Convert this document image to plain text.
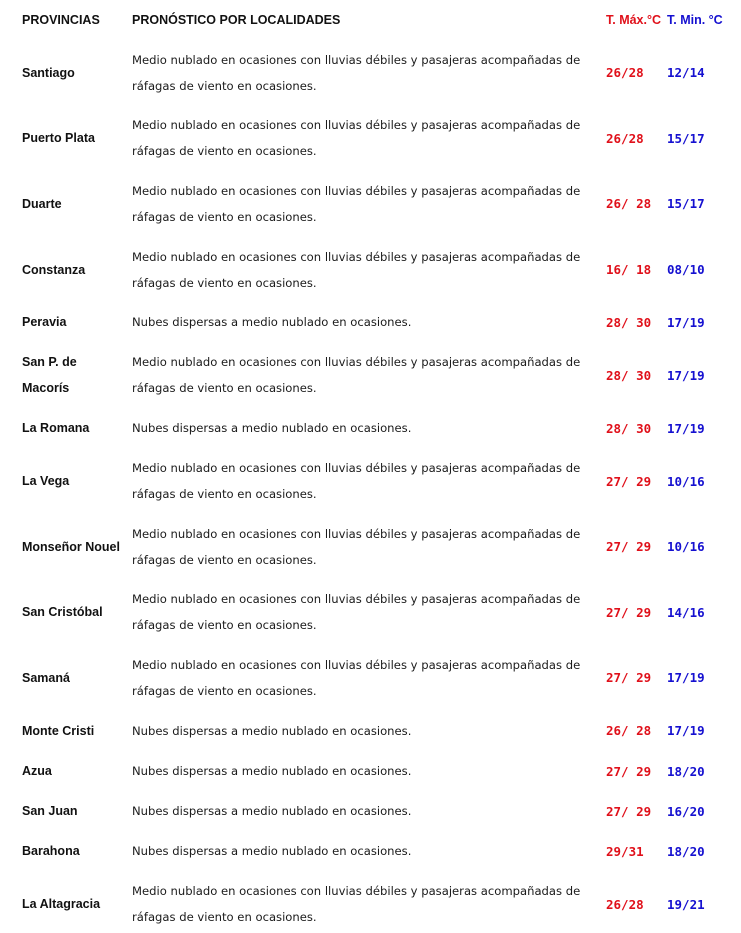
PROVINCIAS	PRONÓSTICO POR LOCALIDADES	T. Máx.°C	T. Min. °C
Santiago	Medio nublado en ocasiones con lluvias débiles y pasajeras acompañadas de ráfagas de viento en ocasiones.	26/28	12/14
Puerto Plata	Medio nublado en ocasiones con lluvias débiles y pasajeras acompañadas de ráfagas de viento en ocasiones.	26/28	15/17
Duarte	Medio nublado en ocasiones con lluvias débiles y pasajeras acompañadas de ráfagas de viento en ocasiones.	26/ 28	15/17
Constanza	Medio nublado en ocasiones con lluvias débiles y pasajeras acompañadas de ráfagas de viento en ocasiones.	16/ 18	08/10
Peravia	Nubes dispersas a medio nublado en ocasiones.	28/ 30	17/19
San P. de Macorís	Medio nublado en ocasiones con lluvias débiles y pasajeras acompañadas de ráfagas de viento en ocasiones.	28/ 30	17/19
La Romana	Nubes dispersas a medio nublado en ocasiones.	28/ 30	17/19
La Vega	Medio nublado en ocasiones con lluvias débiles y pasajeras acompañadas de ráfagas de viento en ocasiones.	27/ 29	10/16
Monseñor Nouel	Medio nublado en ocasiones con lluvias débiles y pasajeras acompañadas de ráfagas de viento en ocasiones.	27/ 29	10/16
San Cristóbal	Medio nublado en ocasiones con lluvias débiles y pasajeras acompañadas de ráfagas de viento en ocasiones.	27/ 29	14/16
Samaná	Medio nublado en ocasiones con lluvias débiles y pasajeras acompañadas de ráfagas de viento en ocasiones.	27/ 29	17/19
Monte Cristi	Nubes dispersas a medio nublado en ocasiones.	26/ 28	17/19
Azua	Nubes dispersas a medio nublado en ocasiones.	27/ 29	18/20
San Juan	Nubes dispersas a medio nublado en ocasiones.	27/ 29	16/20
Barahona	Nubes dispersas a medio nublado en ocasiones.	29/31	18/20
La Altagracia	Medio nublado en ocasiones con lluvias débiles y pasajeras acompañadas de ráfagas de viento en ocasiones.	26/28	19/21
